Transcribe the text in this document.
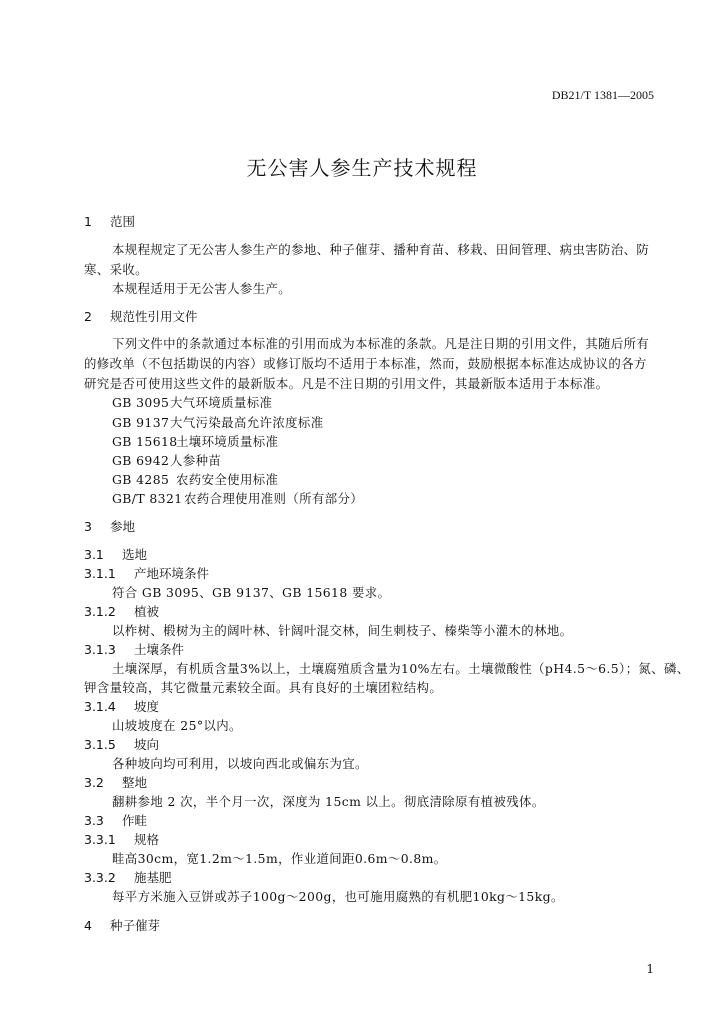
DB21/T 1381—2005
无公害人参生产技术规程
1 范围
本规程规定了无公害人参生产的参地、种子催芽、播种育苗、移栽、田间管理、病虫害防治、防
寒、采收。
本规程适用于无公害人参生产。
2 规范性引用文件
下列文件中的条款通过本标准的引用而成为本标准的条款。凡是注日期的引用文件，其随后所有
的修改单（不包括勘误的内容）或修订版均不适用于本标准，然而，鼓励根据本标准达成协议的各方
研究是否可使用这些文件的最新版本。凡是不注日期的引用文件，其最新版本适用于本标准。
GB 3095大气环境质量标准
GB 9137大气污染最高允许浓度标准
GB 15618土壤环境质量标准
GB 6942人参种苗
GB 4285 农药安全使用标准
GB/T 8321农药合理使用准则（所有部分）
3 参地
3.1 选地
3.1.1 产地环境条件
符合 GB 3095、GB 9137、GB 15618 要求。
3.1.2 植被
以柞树、椴树为主的阔叶林、针阔叶混交林，间生刺枝子、榛柴等小灌木的林地。
3.1.3 土壤条件
土壤深厚，有机质含量3%以上，土壤腐殖质含量为10%左右。土壤微酸性（pH4.5～6.5）；氮、磷、
钾含量较高，其它微量元素较全面。具有良好的土壤团粒结构。
3.1.4 坡度
山坡坡度在 25°以内。
3.1.5 坡向
各种坡向均可利用，以坡向西北或偏东为宜。
3.2 整地
翻耕参地 2 次，半个月一次，深度为 15cm 以上。彻底清除原有植被残体。
3.3 作畦
3.3.1 规格
畦高30cm，宽1.2m～1.5m，作业道间距0.6m～0.8m。
3.3.2 施基肥
每平方米施入豆饼或苏子100g～200g，也可施用腐熟的有机肥10kg～15kg。
4 种子催芽
1
